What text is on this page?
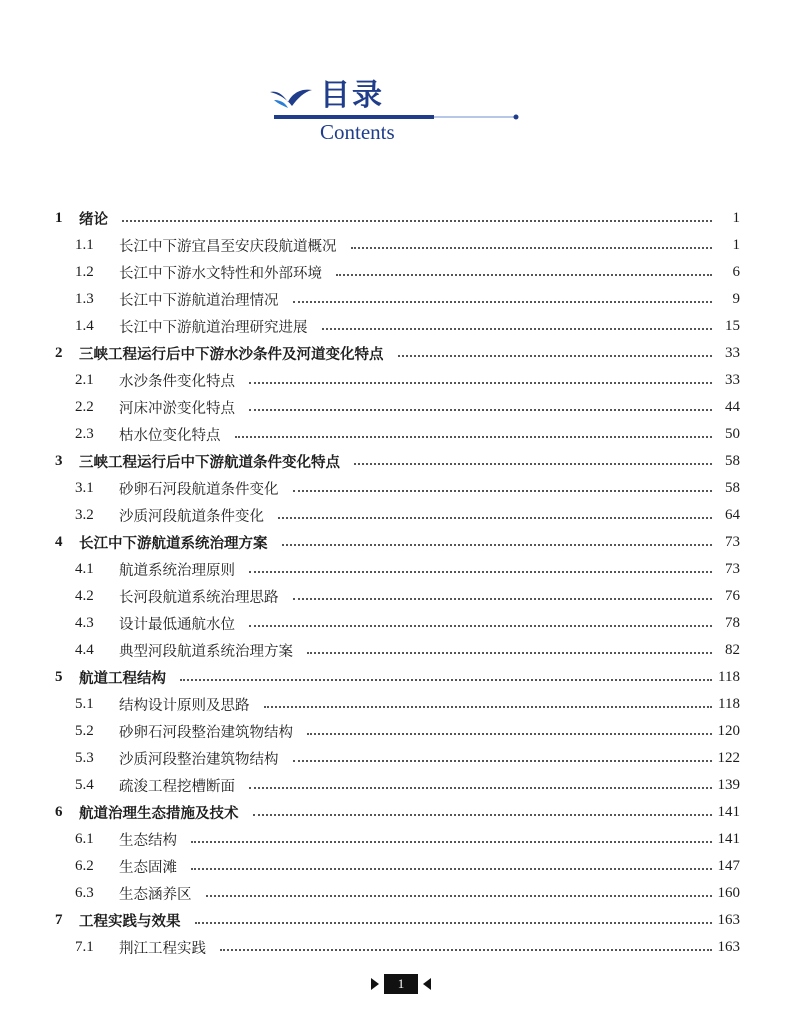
目录
Contents
1	绪论	1
1.1	长江中下游宜昌至安庆段航道概况	1
1.2	长江中下游水文特性和外部环境	6
1.3	长江中下游航道治理情况	9
1.4	长江中下游航道治理研究进展	15
2	三峡工程运行后中下游水沙条件及河道变化特点	33
2.1	水沙条件变化特点	33
2.2	河床冲淤变化特点	44
2.3	枯水位变化特点	50
3	三峡工程运行后中下游航道条件变化特点	58
3.1	砂卵石河段航道条件变化	58
3.2	沙质河段航道条件变化	64
4	长江中下游航道系统治理方案	73
4.1	航道系统治理原则	73
4.2	长河段航道系统治理思路	76
4.3	设计最低通航水位	78
4.4	典型河段航道系统治理方案	82
5	航道工程结构	118
5.1	结构设计原则及思路	118
5.2	砂卵石河段整治建筑物结构	120
5.3	沙质河段整治建筑物结构	122
5.4	疏浚工程挖槽断面	139
6	航道治理生态措施及技术	141
6.1	生态结构	141
6.2	生态固滩	147
6.3	生态涵养区	160
7	工程实践与效果	163
7.1	荆江工程实践	163
1
